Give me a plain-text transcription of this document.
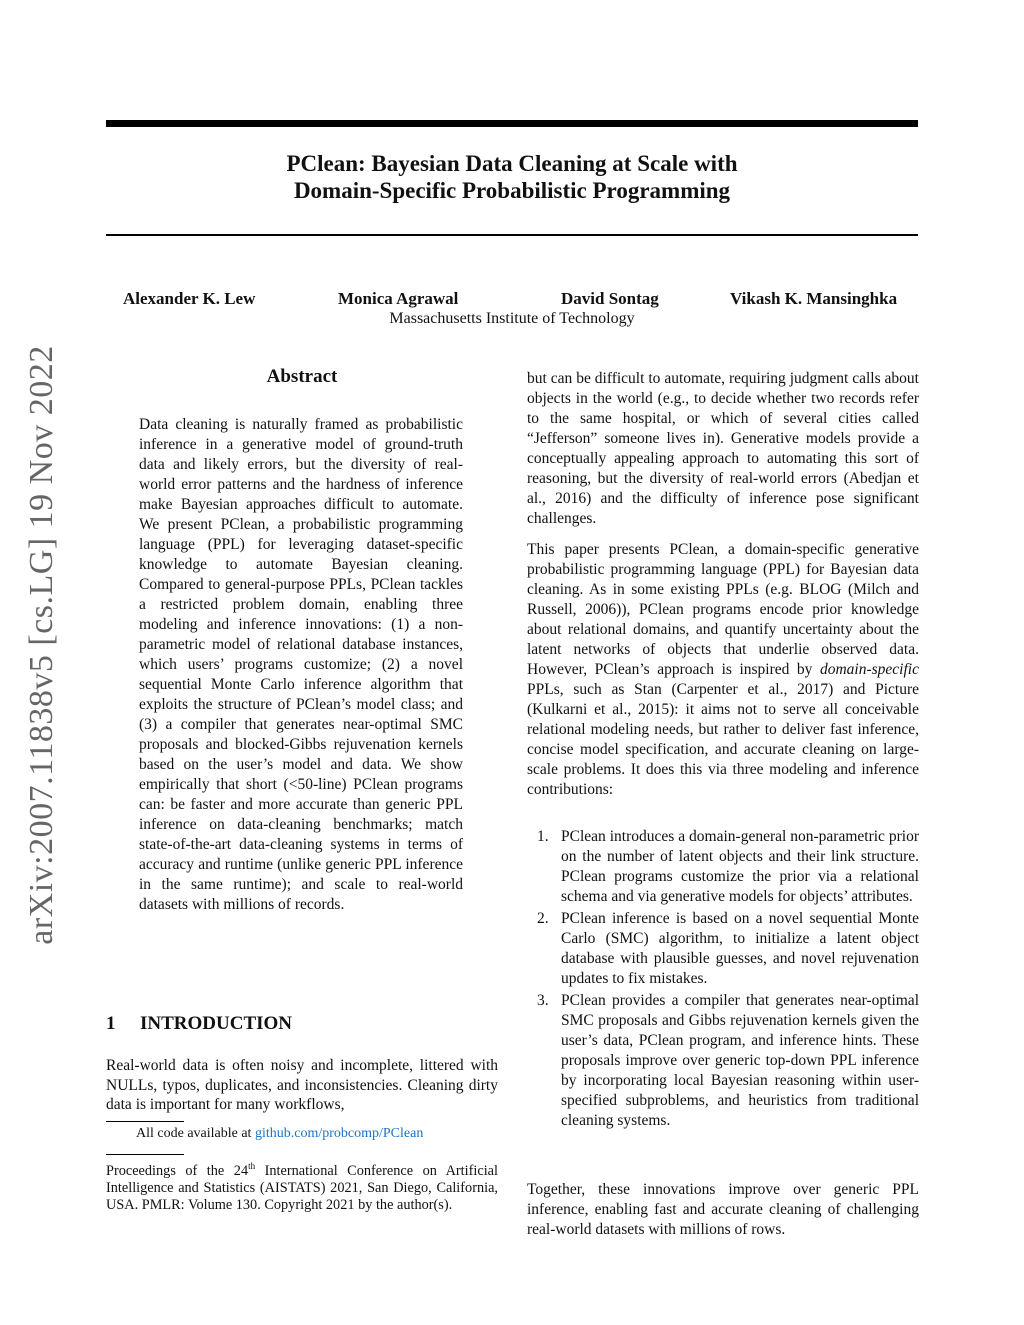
PClean: Bayesian Data Cleaning at Scale with
Domain-Specific Probabilistic Programming
Alexander K. Lew	Monica Agrawal	David Sontag	Vikash K. Mansinghka
Massachusetts Institute of Technology
arXiv:2007.11838v5 [cs.LG] 19 Nov 2022	Abstract

Data cleaning is naturally framed as probabilistic inference in a generative model of ground-truth data and likely errors, but the diversity of real-world error patterns and the hardness of inference make Bayesian approaches difficult to automate. We present PClean, a probabilistic programming language (PPL) for leveraging dataset-specific knowledge to automate Bayesian cleaning. Compared to general-purpose PPLs, PClean tackles a restricted problem domain, enabling three modeling and inference innovations: (1) a non-parametric model of relational database instances, which users’ programs customize; (2) a novel sequential Monte Carlo inference algorithm that exploits the structure of PClean’s model class; and (3) a compiler that generates near-optimal SMC proposals and blocked-Gibbs rejuvenation kernels based on the user’s model and data. We show empirically that short (<50-line) PClean programs can: be faster and more accurate than generic PPL inference on data-cleaning benchmarks; match state-of-the-art data-cleaning systems in terms of accuracy and runtime (unlike generic PPL inference in the same runtime); and scale to real-world datasets with millions of records.

1 INTRODUCTION

Real-world data is often noisy and incomplete, littered with NULLs, typos, duplicates, and inconsistencies. Cleaning dirty data is important for many workflows,

All code available at github.com/probcomp/PClean

Proceedings of the 24th International Conference on Artificial Intelligence and Statistics (AISTATS) 2021, San Diego, California, USA. PMLR: Volume 130. Copyright 2021 by the author(s).

but can be difficult to automate, requiring judgment calls about objects in the world (e.g., to decide whether two records refer to the same hospital, or which of several cities called “Jefferson” someone lives in). Generative models provide a conceptually appealing approach to automating this sort of reasoning, but the diversity of real-world errors (Abedjan et al., 2016) and the difficulty of inference pose significant challenges.

This paper presents PClean, a domain-specific generative probabilistic programming language (PPL) for Bayesian data cleaning. As in some existing PPLs (e.g. BLOG (Milch and Russell, 2006)), PClean programs encode prior knowledge about relational domains, and quantify uncertainty about the latent networks of objects that underlie observed data. However, PClean’s approach is inspired by domain-specific PPLs, such as Stan (Carpenter et al., 2017) and Picture (Kulkarni et al., 2015): it aims not to serve all conceivable relational modeling needs, but rather to deliver fast inference, concise model specification, and accurate cleaning on large-scale problems. It does this via three modeling and inference contributions:

1. PClean introduces a domain-general non-parametric prior on the number of latent objects and their link structure. PClean programs customize the prior via a relational schema and via generative models for objects’ attributes.
2. PClean inference is based on a novel sequential Monte Carlo (SMC) algorithm, to initialize a latent object database with plausible guesses, and novel rejuvenation updates to fix mistakes.
3. PClean provides a compiler that generates near-optimal SMC proposals and Gibbs rejuvenation kernels given the user’s data, PClean program, and inference hints. These proposals improve over generic top-down PPL inference by incorporating local Bayesian reasoning within user-specified subproblems, and heuristics from traditional cleaning systems.

Together, these innovations improve over generic PPL inference, enabling fast and accurate cleaning of challenging real-world datasets with millions of rows.
